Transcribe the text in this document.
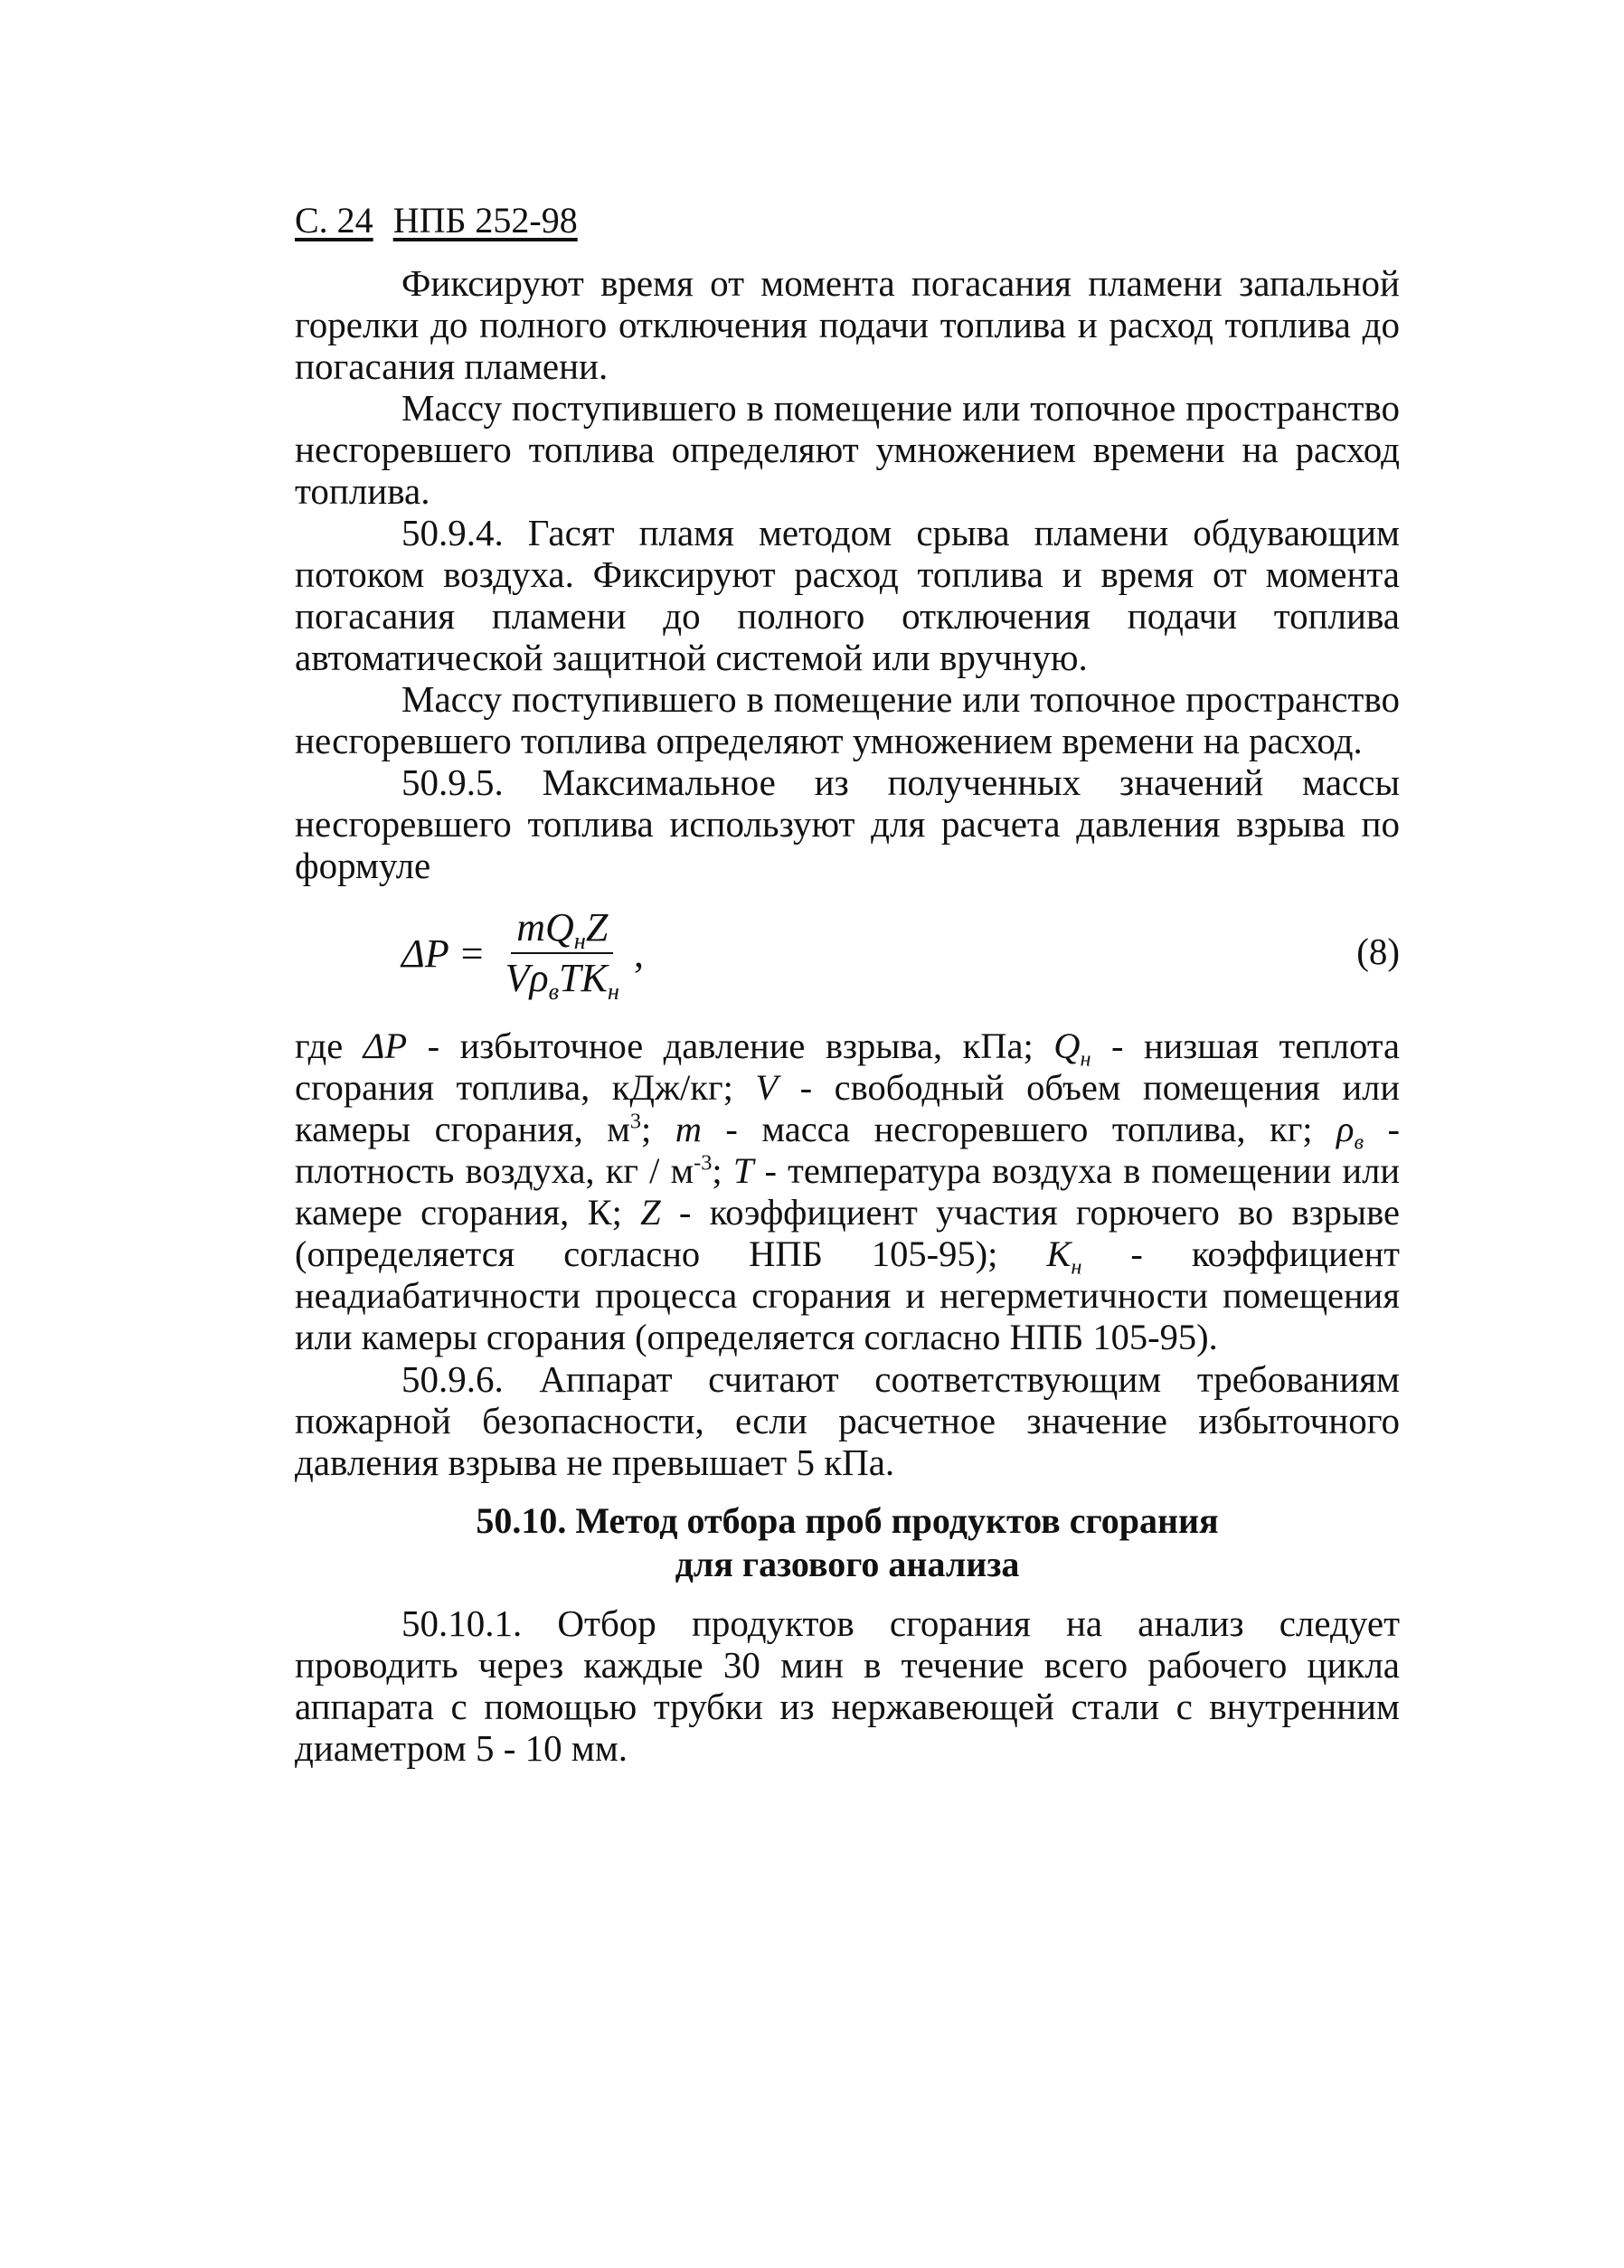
С. 24 НПБ 252-98

Фиксируют время от момента погасания пламени запальной горелки до полного отключения подачи топлива и расход топлива до погасания пламени.

Массу поступившего в помещение или топочное пространство несгоревшего топлива определяют умножением времени на расход топлива.

50.9.4. Гасят пламя методом срыва пламени обдувающим потоком воздуха. Фиксируют расход топлива и время от момента погасания пламени до полного отключения подачи топлива автоматической защитной системой или вручную.

Массу поступившего в помещение или топочное пространство несгоревшего топлива определяют умножением времени на расход.

50.9.5. Максимальное из полученных значений массы несгоревшего топлива используют для расчета давления взрыва по формуле

$\Delta P = \frac{mQ_нZ}{V\rho_вTK_н}$ ,	(8)

где ΔP - избыточное давление взрыва, кПа; $Q_н$ - низшая теплота сгорания топлива, кДж/кг; V - свободный объем помещения или камеры сгорания, $м^3$; m - масса несгоревшего топлива, кг; $\rho_в$ - плотность воздуха, кг / $м^{-3}$; T - температура воздуха в помещении или камере сгорания, К; Z - коэффициент участия горючего во взрыве (определяется согласно НПБ 105-95); $K_н$ - коэффициент неадиабатичности процесса сгорания и негерметичности помещения или камеры сгорания (определяется согласно НПБ 105-95).

50.9.6. Аппарат считают соответствующим требованиям пожарной безопасности, если расчетное значение избыточного давления взрыва не превышает 5 кПа.

50.10. Метод отбора проб продуктов сгорания
для газового анализа

50.10.1. Отбор продуктов сгорания на анализ следует проводить через каждые 30 мин в течение всего рабочего цикла аппарата с помощью трубки из нержавеющей стали с внутренним диаметром 5 - 10 мм.
